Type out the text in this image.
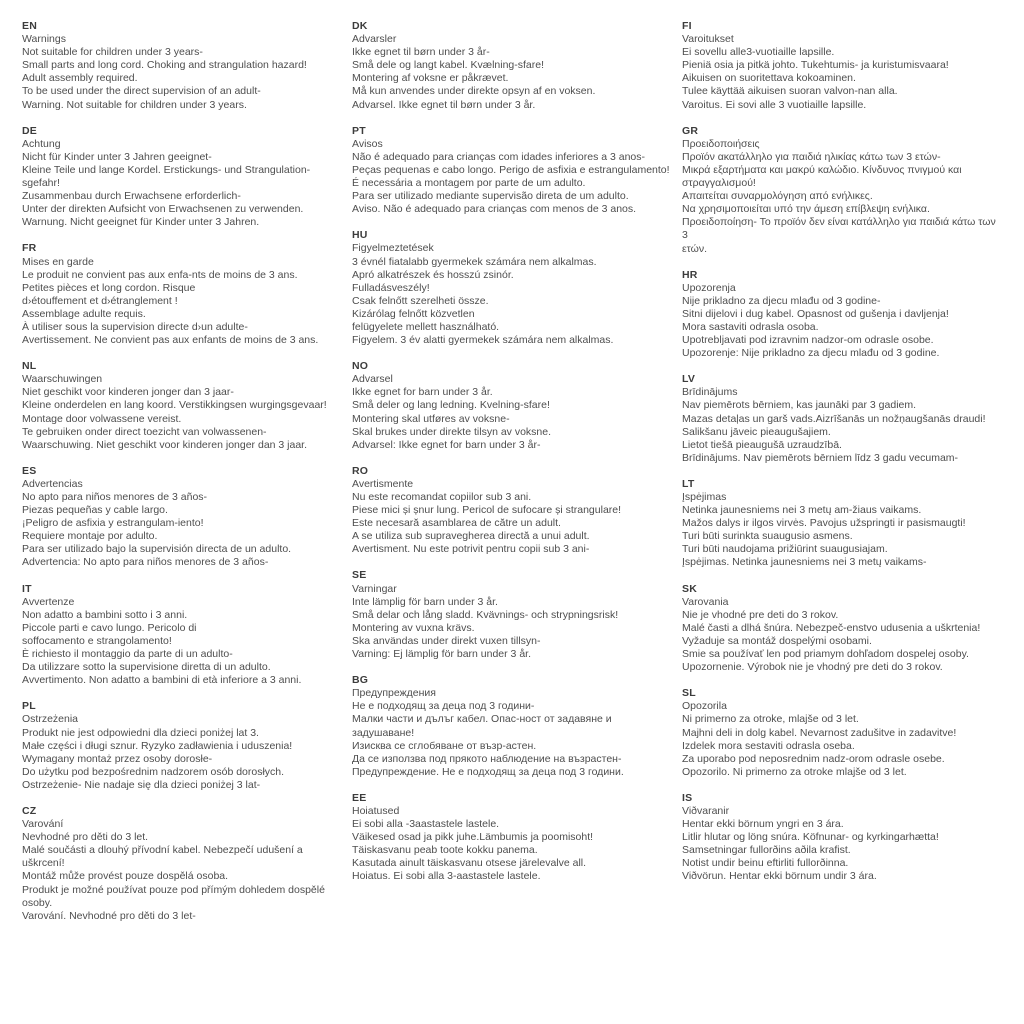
EN

Warnings

Not suitable for children under 3 years-

Small parts and long cord. Choking and strangulation hazard!

Adult assembly required.

To be used under the direct supervision of an adult-

Warning. Not suitable for children under 3 years.

DE

Achtung

Nicht für Kinder unter 3 Jahren geeignet-

Kleine Teile und lange Kordel. Erstickungs- und Strangulation-sgefahr!

Zusammenbau durch Erwachsene erforderlich-

Unter der direkten Aufsicht von Erwachsenen zu verwenden.

Warnung. Nicht geeignet für Kinder unter 3 Jahren.

FR

Mises en garde

Le produit ne convient pas aux enfa-nts de moins de 3 ans.

Petites pièces et long cordon. Risque

d›étouffement et d›étranglement !

Assemblage adulte requis.

À utiliser sous la supervision directe d›un adulte-

Avertissement. Ne convient pas aux enfants de moins de 3 ans.

NL

Waarschuwingen

Niet geschikt voor kinderen jonger dan 3 jaar-

Kleine onderdelen en lang koord. Verstikkingsen wurgingsgevaar!

Montage door volwassene vereist.

Te gebruiken onder direct toezicht van volwassenen-

Waarschuwing. Niet geschikt voor kinderen jonger dan 3 jaar.

ES

Advertencias

No apto para niños menores de 3 años-

Piezas pequeñas y cable largo.

¡Peligro de asfixia y estrangulam-iento!

Requiere montaje por adulto.

Para ser utilizado bajo la supervisión directa de un adulto.

Advertencia: No apto para niños menores de 3 años-

IT

Avvertenze

Non adatto a bambini sotto i 3 anni.

Piccole parti e cavo lungo. Pericolo di

soffocamento e strangolamento!

È richiesto il montaggio da parte di un adulto-

Da utilizzare sotto la supervisione diretta di un adulto.

Avvertimento. Non adatto a bambini di età inferiore a 3 anni.

PL

Ostrzeżenia

Produkt nie jest odpowiedni dla dzieci poniżej lat 3.

Małe części i długi sznur. Ryzyko zadławienia i uduszenia!

Wymagany montaż przez osoby dorosłe-

Do użytku pod bezpośrednim nadzorem osób dorosłych.

Ostrzeżenie- Nie nadaje się dla dzieci poniżej 3 lat-

CZ

Varování

Nevhodné pro děti do 3 let.

Malé součásti a dlouhý přívodní kabel. Nebezpečí udušení a uškrcení!

Montáž může provést pouze dospělá osoba.

Produkt je možné používat pouze pod přímým dohledem dospělé osoby.

Varování. Nevhodné pro děti do 3 let-

DK

Advarsler

Ikke egnet til børn under 3 år-

Små dele og langt kabel. Kvælning-sfare!

Montering af voksne er påkrævet.

Må kun anvendes under direkte opsyn af en voksen.

Advarsel. Ikke egnet til børn under 3 år.

PT

Avisos

Não é adequado para crianças com idades inferiores a 3 anos-

Peças pequenas e cabo longo. Perigo de asfixia e estrangulamento!

É necessária a montagem por parte de um adulto.

Para ser utilizado mediante supervisão direta de um adulto.

Aviso. Não é adequado para crianças com menos de 3 anos.

HU

Figyelmeztetések

3 évnél fiatalabb gyermekek számára nem alkalmas.

Apró alkatrészek és hosszú zsinór.

Fulladásveszély!

Csak felnőtt szerelheti össze.

Kizárólag felnőtt közvetlen

felügyelete mellett használható.

Figyelem. 3 év alatti gyermekek számára nem alkalmas.

NO

Advarsel

Ikke egnet for barn under 3 år.

Små deler og lang ledning. Kvelning-sfare!

Montering skal utføres av voksne-

Skal brukes under direkte tilsyn av voksne.

Advarsel: Ikke egnet for barn under 3 år-

RO

Avertismente

Nu este recomandat copiilor sub 3 ani.

Piese mici și șnur lung. Pericol de sufocare și strangulare!

Este necesară asamblarea de către un adult.

A se utiliza sub supravegherea directă a unui adult.

Avertisment. Nu este potrivit pentru copii sub 3 ani-

SE

Varningar

Inte lämplig för barn under 3 år.

Små delar och lång sladd. Kvävnings- och strypningsrisk!

Montering av vuxna krävs.

Ska användas under direkt vuxen tillsyn-

Varning: Ej lämplig för barn under 3 år.

BG

Предупреждения

Не е подходящ за деца под 3 години-

Малки части и дълъг кабел. Опас-ност от задавяне и задушаване!

Изисква се сглобяване от възр-астен.

Да се използва под прякото наблюдение на възрастен-

Предупреждение. Не е подходящ за деца под 3 години.

EE

Hoiatused

Ei sobi alla -3aastastele lastele.

Väikesed osad ja pikk juhe.Lämbumis ja poomisoht!

Täiskasvanu peab toote kokku panema.

Kasutada ainult täiskasvanu otsese järelevalve all.

Hoiatus. Ei sobi alla 3-aastastele lastele.

FI

Varoitukset

Ei sovellu alle3-vuotiaille lapsille.

Pieniä osia ja pitkä johto. Tukehtumis- ja kuristumisvaara!

Aikuisen on suoritettava kokoaminen.

Tulee käyttää aikuisen suoran valvon-nan alla.

Varoitus. Ei sovi alle 3 vuotiaille lapsille.

GR

Προειδοποιήσεις

Προϊόν ακατάλληλο για παιδιά ηλικίας κάτω των 3 ετών-

Μικρά εξαρτήματα και μακρύ καλώδιο. Κίνδυνος πνιγμού και

στραγγαλισμού!

Απαιτείται συναρμολόγηση από ενήλικες.

Να χρησιμοποιείται υπό την άμεση επίβλεψη ενήλικα.

Προειδοποίηση- Το προϊόν δεν είναι κατάλληλο για παιδιά κάτω των 3

ετών.

HR

Upozorenja

Nije prikladno za djecu mlađu od 3 godine-

Sitni dijelovi i dug kabel. Opasnost od gušenja i davljenja!

Mora sastaviti odrasla osoba.

Upotrebljavati pod izravnim nadzor-om odrasle osobe.

Upozorenje: Nije prikladno za djecu mlađu od 3 godine.

LV

Brīdinājums

Nav piemērots bērniem, kas jaunāki par 3 gadiem.

Mazas detaļas un garš vads.Aizrīšanās un nožņaugšanās draudi!

Salikšanu jāveic pieaugušajiem.

Lietot tiešā pieaugušā uzraudzībā.

Brīdinājums. Nav piemērots bērniem līdz 3 gadu vecumam-

LT

Įspėjimas

Netinka jaunesniems nei 3 metų am-žiaus vaikams.

Mažos dalys ir ilgos virvės. Pavojus užspringti ir pasismaugti!

Turi būti surinkta suaugusio asmens.

Turi būti naudojama prižiūrint suaugusiajam.

Įspėjimas. Netinka jaunesniems nei 3 metų vaikams-

SK

Varovania

Nie je vhodné pre deti do 3 rokov.

Malé časti a dlhá šnúra. Nebezpeč-enstvo udusenia a uškrtenia!

Vyžaduje sa montáž dospelými osobami.

Smie sa používať len pod priamym dohľadom dospelej osoby.

Upozornenie. Výrobok nie je vhodný pre deti do 3 rokov.

SL

Opozorila

Ni primerno za otroke, mlajše od 3 let.

Majhni deli in dolg kabel. Nevarnost zadušitve in zadavitve!

Izdelek mora sestaviti odrasla oseba.

Za uporabo pod neposrednim nadz-orom odrasle osebe.

Opozorilo. Ni primerno za otroke mlajše od 3 let.

IS

Viðvaranir

Hentar ekki börnum yngri en 3 ára.

Litlir hlutar og löng snúra. Köfnunar- og kyrkingarhætta!

Samsetningar fullorðins aðila krafist.

Notist undir beinu eftirliti fullorðinna.

Viðvörun. Hentar ekki börnum undir 3 ára.
